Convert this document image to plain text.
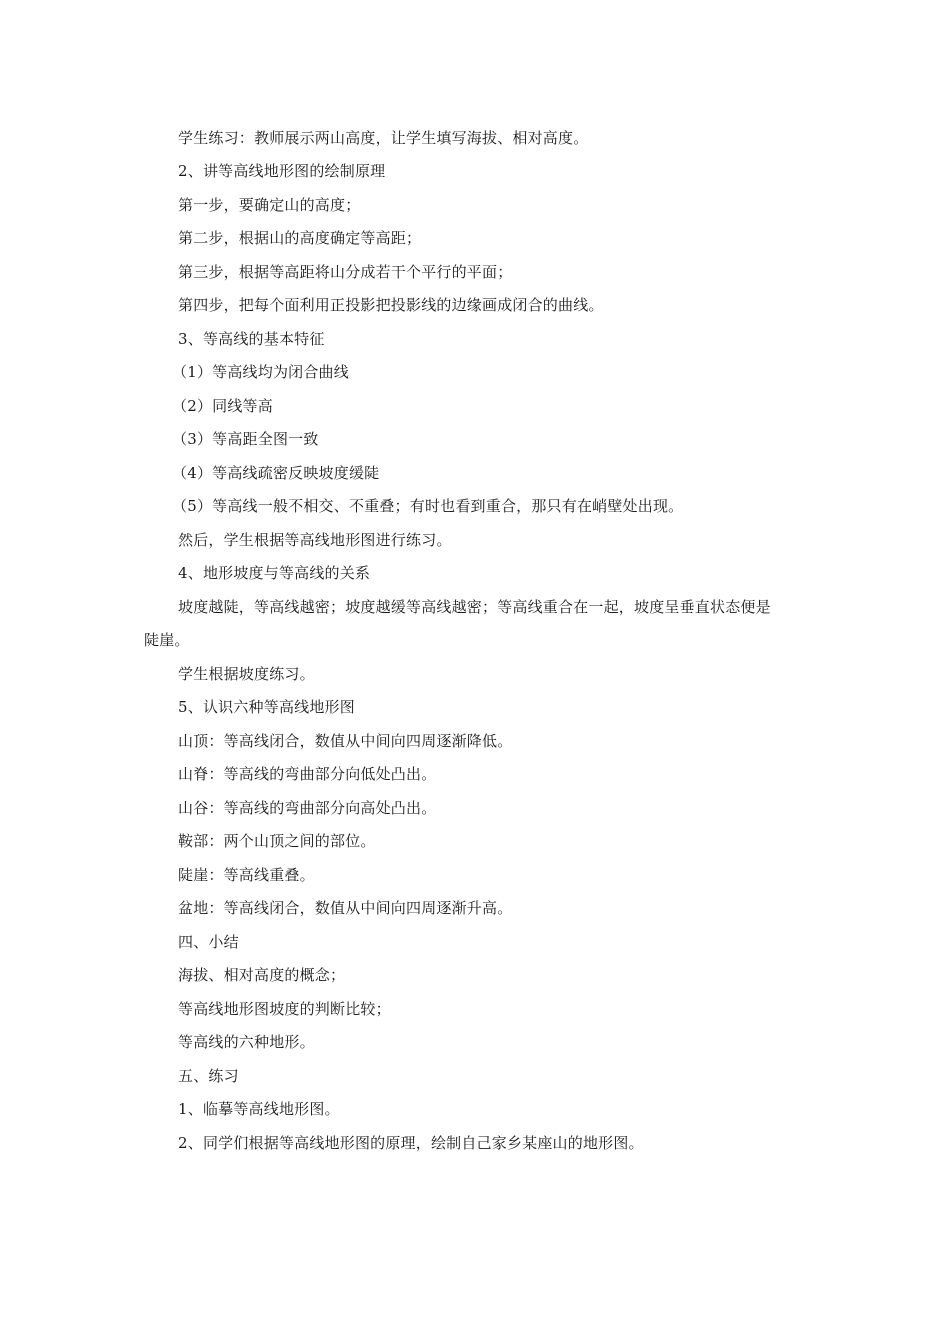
学生练习：教师展示两山高度，让学生填写海拔、相对高度。
2、讲等高线地形图的绘制原理
第一步，要确定山的高度；
第二步，根据山的高度确定等高距；
第三步，根据等高距将山分成若干个平行的平面；
第四步，把每个面利用正投影把投影线的边缘画成闭合的曲线。
3、等高线的基本特征
（1）等高线均为闭合曲线
（2）同线等高
（3）等高距全图一致
（4）等高线疏密反映坡度缓陡
（5）等高线一般不相交、不重叠；有时也看到重合，那只有在峭壁处出现。
然后，学生根据等高线地形图进行练习。
4、地形坡度与等高线的关系
坡度越陡，等高线越密；坡度越缓等高线越密；等高线重合在一起，坡度呈垂直状态便是
陡崖。
学生根据坡度练习。
5、认识六种等高线地形图
山顶：等高线闭合，数值从中间向四周逐渐降低。
山脊：等高线的弯曲部分向低处凸出。
山谷：等高线的弯曲部分向高处凸出。
鞍部：两个山顶之间的部位。
陡崖：等高线重叠。
盆地：等高线闭合，数值从中间向四周逐渐升高。
四、小结
海拔、相对高度的概念；
等高线地形图坡度的判断比较；
等高线的六种地形。
五、练习
1、临摹等高线地形图。
2、同学们根据等高线地形图的原理，绘制自己家乡某座山的地形图。
